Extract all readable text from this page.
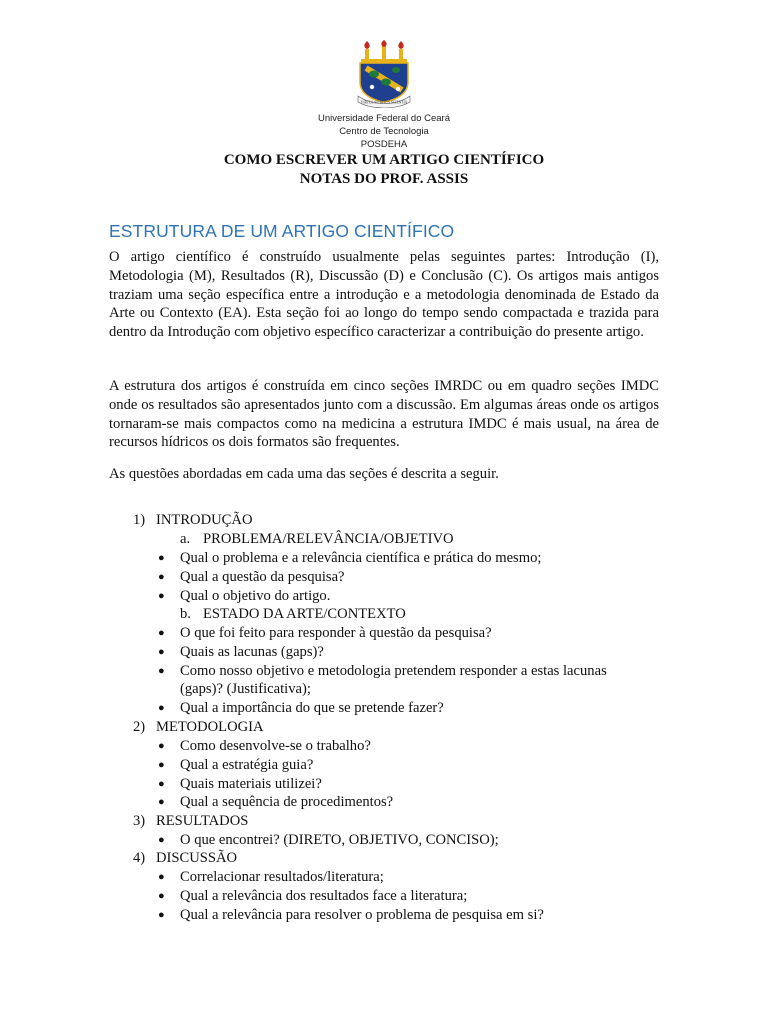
VIRTUS SPIRITUS SCIENTIA
Universidade Federal do Ceará
Centro de Tecnologia
POSDEHA
COMO ESCREVER UM ARTIGO CIENTÍFICO
NOTAS DO PROF. ASSIS
ESTRUTURA DE UM ARTIGO CIENTÍFICO
O artigo científico é construído usualmente pelas seguintes partes: Introdução (I), Metodologia (M), Resultados (R), Discussão (D) e Conclusão (C). Os artigos mais antigos traziam uma seção específica entre a introdução e a metodologia denominada de Estado da Arte ou Contexto (EA). Esta seção foi ao longo do tempo sendo compactada e trazida para dentro da Introdução com objetivo específico caracterizar a contribuição do presente artigo.
A estrutura dos artigos é construída em cinco seções IMRDC ou em quadro seções IMDC onde os resultados são apresentados junto com a discussão. Em algumas áreas onde os artigos tornaram-se mais compactos como na medicina a estrutura IMDC é mais usual, na área de recursos hídricos os dois formatos são frequentes.
As questões abordadas em cada uma das seções é descrita a seguir.
1) INTRODUÇÃO
a. PROBLEMA/RELEVÂNCIA/OBJETIVO
● Qual o problema e a relevância científica e prática do mesmo;
● Qual a questão da pesquisa?
● Qual o objetivo do artigo.
b. ESTADO DA ARTE/CONTEXTO
● O que foi feito para responder à questão da pesquisa?
● Quais as lacunas (gaps)?
● Como nosso objetivo e metodologia pretendem responder a estas lacunas
(gaps)? (Justificativa);
● Qual a importância do que se pretende fazer?
2) METODOLOGIA
● Como desenvolve-se o trabalho?
● Qual a estratégia guia?
● Quais materiais utilizei?
● Qual a sequência de procedimentos?
3) RESULTADOS
● O que encontrei? (DIRETO, OBJETIVO, CONCISO);
4) DISCUSSÃO
● Correlacionar resultados/literatura;
● Qual a relevância dos resultados face a literatura;
● Qual a relevância para resolver o problema de pesquisa em si?
